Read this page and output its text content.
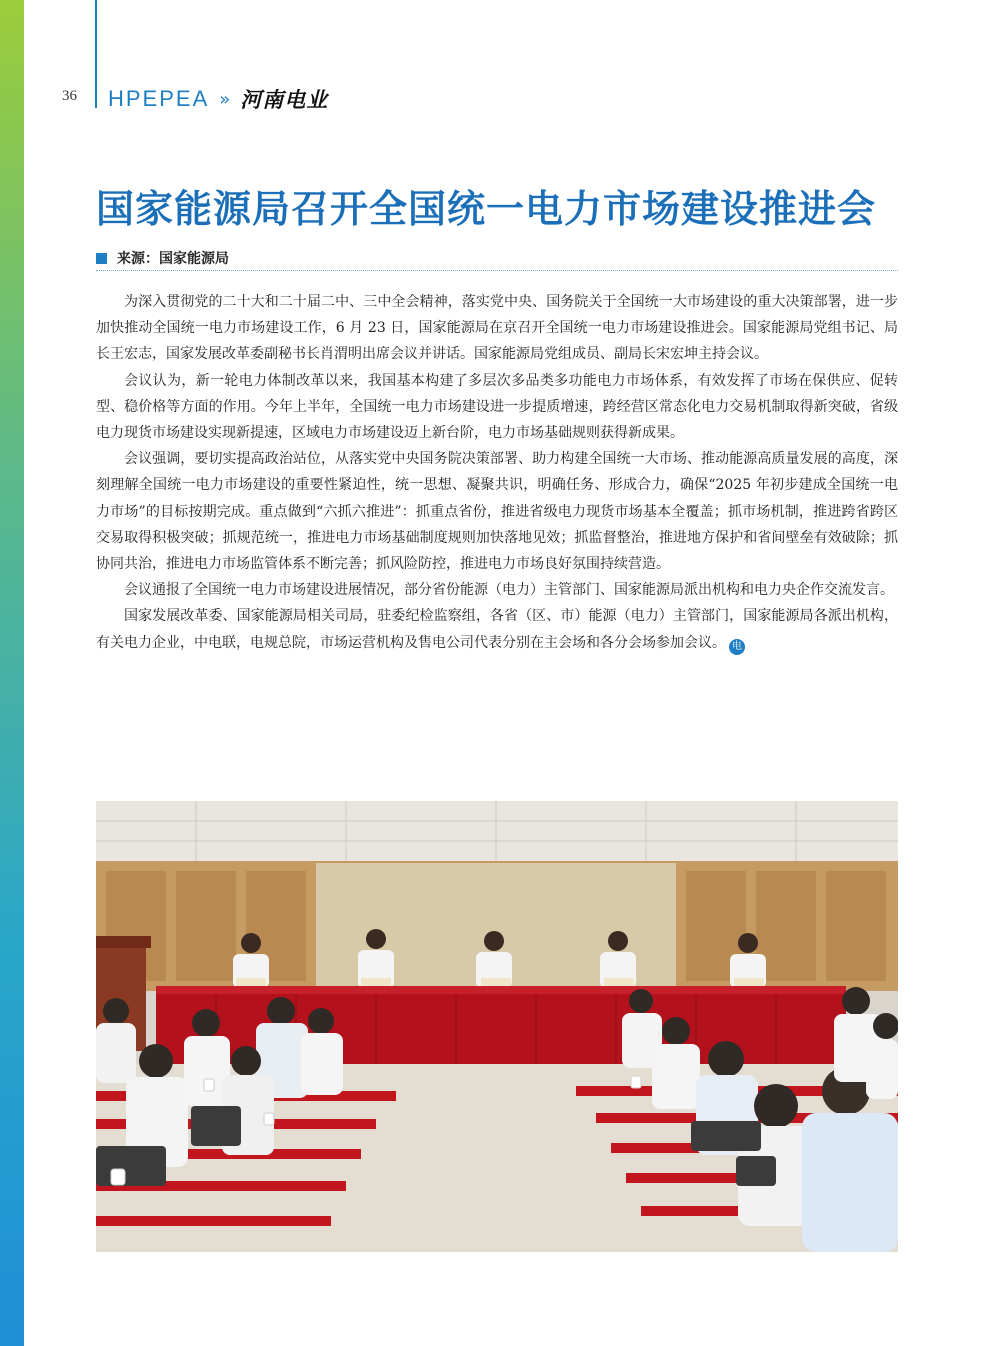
36 HPEPEA » 河南电业
国家能源局召开全国统一电力市场建设推进会
来源：国家能源局

为深入贯彻党的二十大和二十届二中、三中全会精神，落实党中央、国务院关于全国统一大市场建设的重大决策部署，进一步加快推动全国统一电力市场建设工作，6 月 23 日，国家能源局在京召开全国统一电力市场建设推进会。国家能源局党组书记、局长王宏志，国家发展改革委副秘书长肖渭明出席会议并讲话。国家能源局党组成员、副局长宋宏坤主持会议。

会议认为，新一轮电力体制改革以来，我国基本构建了多层次多品类多功能电力市场体系，有效发挥了市场在保供应、促转型、稳价格等方面的作用。今年上半年，全国统一电力市场建设进一步提质增速，跨经营区常态化电力交易机制取得新突破，省级电力现货市场建设实现新提速，区域电力市场建设迈上新台阶，电力市场基础规则获得新成果。

会议强调，要切实提高政治站位，从落实党中央国务院决策部署、助力构建全国统一大市场、推动能源高质量发展的高度，深刻理解全国统一电力市场建设的重要性紧迫性，统一思想、凝聚共识，明确任务、形成合力，确保“2025 年初步建成全国统一电力市场”的目标按期完成。重点做到“六抓六推进”：抓重点省份，推进省级电力现货市场基本全覆盖；抓市场机制，推进跨省跨区交易取得积极突破；抓规范统一，推进电力市场基础制度规则加快落地见效；抓监督整治，推进地方保护和省间壁垒有效破除；抓协同共治，推进电力市场监管体系不断完善；抓风险防控，推进电力市场良好氛围持续营造。

会议通报了全国统一电力市场建设进展情况，部分省份能源（电力）主管部门、国家能源局派出机构和电力央企作交流发言。

国家发展改革委、国家能源局相关司局，驻委纪检监察组，各省（区、市）能源（电力）主管部门，国家能源局各派出机构，有关电力企业，中电联，电规总院，市场运营机构及售电公司代表分别在主会场和各分会场参加会议。 电
